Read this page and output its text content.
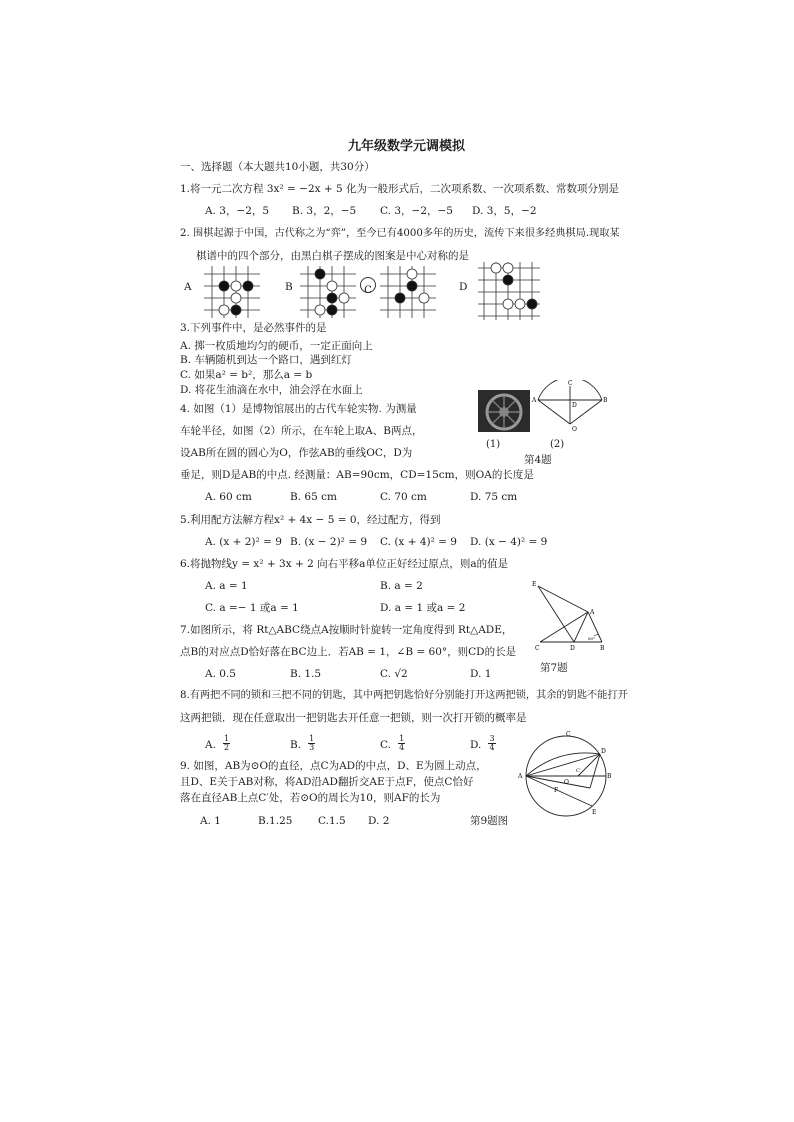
九年级数学元调模拟
一、选择题（本大题共10小题，共30分）
1.将一元二次方程 3x² = −2x + 5 化为一般形式后，二次项系数、一次项系数、常数项分别是
A. 3，−2，5 B. 3，2，−5 C. 3，−2，−5 D. 3，5，−2
2. 围棋起源于中国，古代称之为“弈”，至今已有4000多年的历史，流传下来很多经典棋局.现取某
棋谱中的四个部分，由黑白棋子摆成的图案是中心对称的是
A	B	C	D
3.下列事件中，是必然事件的是
A. 掷一枚质地均匀的硬币，一定正面向上
B. 车辆随机到达一个路口，遇到红灯
C. 如果a² = b²，那么a = b
D. 将花生油滴在水中，油会浮在水面上
4. 如图（1）是博物馆展出的古代车轮实物. 为测量
车轮半径，如图（2）所示，在车轮上取A、B两点，
设AB所在圆的圆心为O，作弦AB的垂线OC，D为
垂足，则D是AB的中点. 经测量：AB=90cm，CD=15cm，则OA的长度是
A. 60 cm	B. 65 cm	C. 70 cm	D. 75 cm
(1)	(2)
第4题
A	B
C
D
O
5.利用配方法解方程x² + 4x − 5 = 0，经过配方，得到
A. (x + 2)² = 9 B. (x − 2)² = 9 C. (x + 4)² = 9 D. (x − 4)² = 9
6.将抛物线y = x² + 3x + 2 向右平移a单位正好经过原点，则a的值是
A. a = 1	B. a = 2
C. a =− 1 或a = 1	D. a = 1 或a = 2
7.如图所示，将 Rt△ABC绕点A按顺时针旋转一定角度得到 Rt△ADE，
点B的对应点D恰好落在BC边上．若AB = 1，∠B = 60°，则CD的长是
A. 0.5	B. 1.5	C. √2	D. 1
E
A
C	D	B
60°
第7题
8.有两把不同的锁和三把不同的钥匙，其中两把钥匙恰好分别能打开这两把锁，其余的钥匙不能打开
这两把锁．现在任意取出一把钥匙去开任意一把锁，则一次打开锁的概率是
A. $\frac{1}{2}$	B. $\frac{1}{3}$	C. $\frac{1}{4}$	D. $\frac{3}{4}$
9. 如图，AB为⊙O的直径，点C为AD的中点，D、E为圆上动点，
且D、E关于AB对称，将AD沿AD翻折交AE于点F，使点C恰好
落在直径AB上点C′处，若⊙O的周长为10，则AF的长为
A. 1	B.1.25 C.1.5 D. 2	第9题图
A	B
C
D
E
F
O
C′
